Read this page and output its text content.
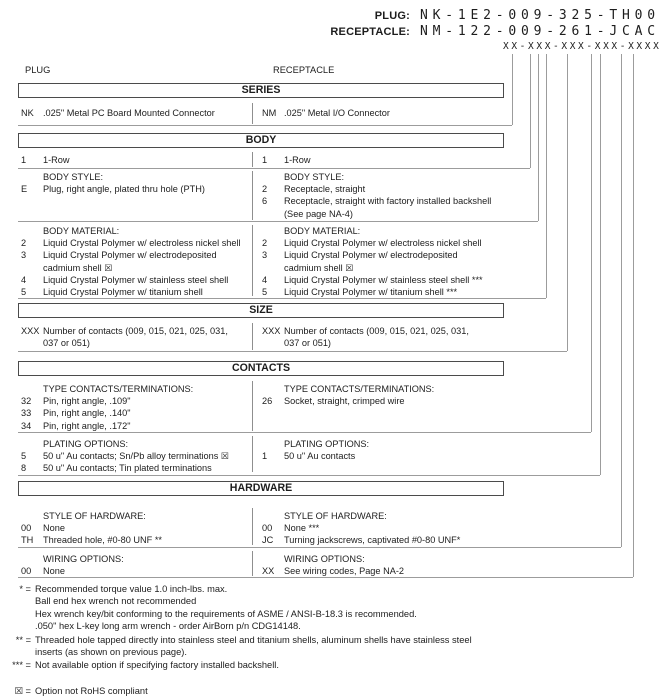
PLUG: NK-1E2-009-325-TH00
RECEPTACLE: NM-122-009-261-JCAC
XX-XXX-XXX-XXX-XXXX
PLUG	RECEPTACLE
SERIES
NK	.025" Metal PC Board Mounted Connector	NM .025" Metal I/O Connector
BODY
1	1-Row	1	1-Row
BODY STYLE:
E	Plug, right angle, plated thru hole (PTH)
BODY STYLE:
2	Receptacle, straight
6	Receptacle, straight with factory installed backshell
(See page NA-4)
BODY MATERIAL:
2	Liquid Crystal Polymer w/ electroless nickel shell
3	Liquid Crystal Polymer w/ electrodeposited
cadmium shell ☒
4	Liquid Crystal Polymer w/ stainless steel shell
5	Liquid Crystal Polymer w/ titanium shell
BODY MATERIAL:
2	Liquid Crystal Polymer w/ electroless nickel shell
3	Liquid Crystal Polymer w/ electrodeposited
cadmium shell ☒
4	Liquid Crystal Polymer w/ stainless steel shell ***
5	Liquid Crystal Polymer w/ titanium shell ***
SIZE
XXX Number of contacts (009, 015, 021, 025, 031,
037 or 051)
XXX Number of contacts (009, 015, 021, 025, 031,
037 or 051)
CONTACTS
TYPE CONTACTS/TERMINATIONS:
32	Pin, right angle, .109"
33	Pin, right angle, .140"
34	Pin, right angle, .172"
TYPE CONTACTS/TERMINATIONS:
26	Socket, straight, crimped wire
PLATING OPTIONS:
5	50 u" Au contacts; Sn/Pb alloy terminations ☒
8	50 u" Au contacts; Tin plated terminations
PLATING OPTIONS:
1	50 u" Au contacts
HARDWARE
STYLE OF HARDWARE:
00	None
TH	Threaded hole, #0-80 UNF **
STYLE OF HARDWARE:
00	None ***
JC	Turning jackscrews, captivated #0-80 UNF*
WIRING OPTIONS:
00	None
WIRING OPTIONS:
XX	See wiring codes, Page NA-2
* = Recommended torque value 1.0 inch-lbs. max.
Ball end hex wrench not recommended
Hex wrench key/bit conforming to the requirements of ASME / ANSI-B-18.3 is recommended.
.050" hex L-key long arm wrench - order AirBorn p/n CDG14148.
** = Threaded hole tapped directly into stainless steel and titanium shells, aluminum shells have stainless steel
inserts (as shown on previous page).
*** = Not available option if specifying factory installed backshell.
☒ = Option not RoHS compliant
